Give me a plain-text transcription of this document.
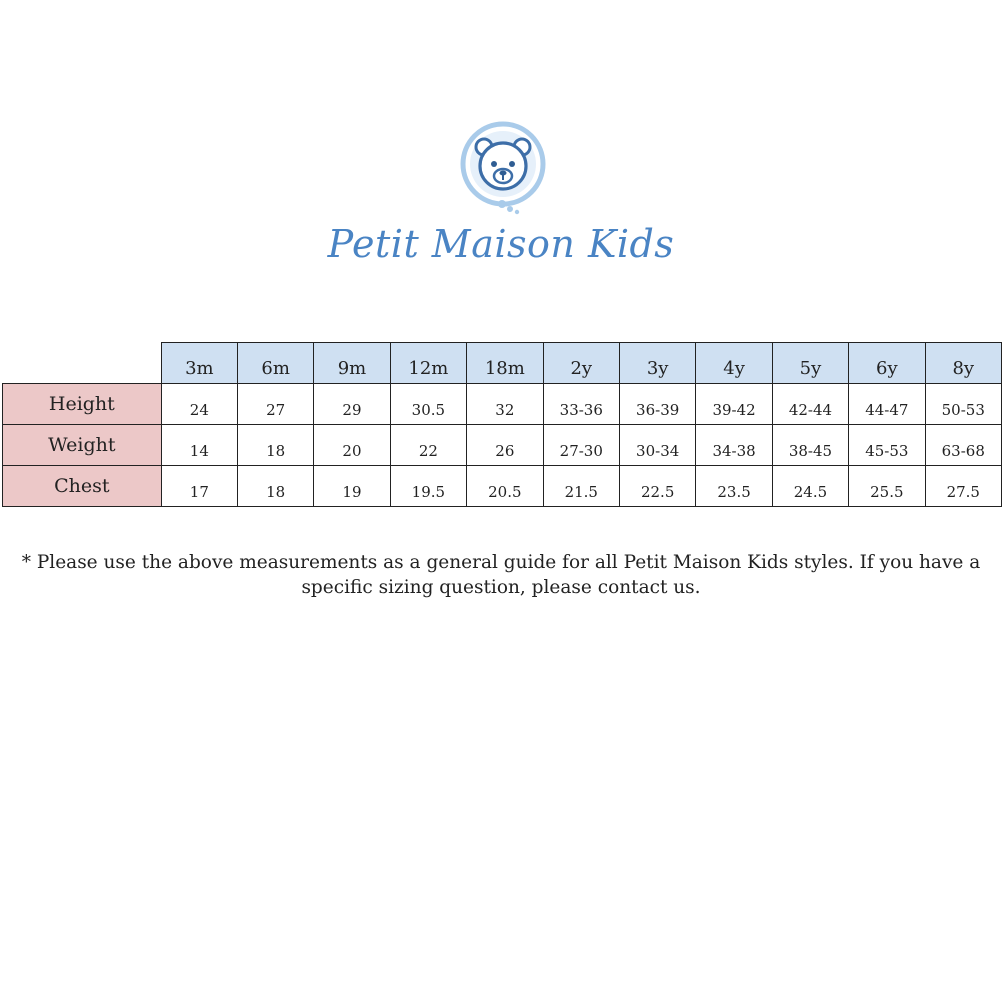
Petit Maison Kids
	3m	6m	9m	12m	18m	2y	3y	4y	5y	6y	8y
Height	24	27	29	30.5	32	33-36	36-39	39-42	42-44	44-47	50-53
Weight	14	18	20	22	26	27-30	30-34	34-38	38-45	45-53	63-68
Chest	17	18	19	19.5	20.5	21.5	22.5	23.5	24.5	25.5	27.5
* Please use the above measurements as a general guide for all Petit Maison Kids styles. If you have a specific sizing question, please contact us.
